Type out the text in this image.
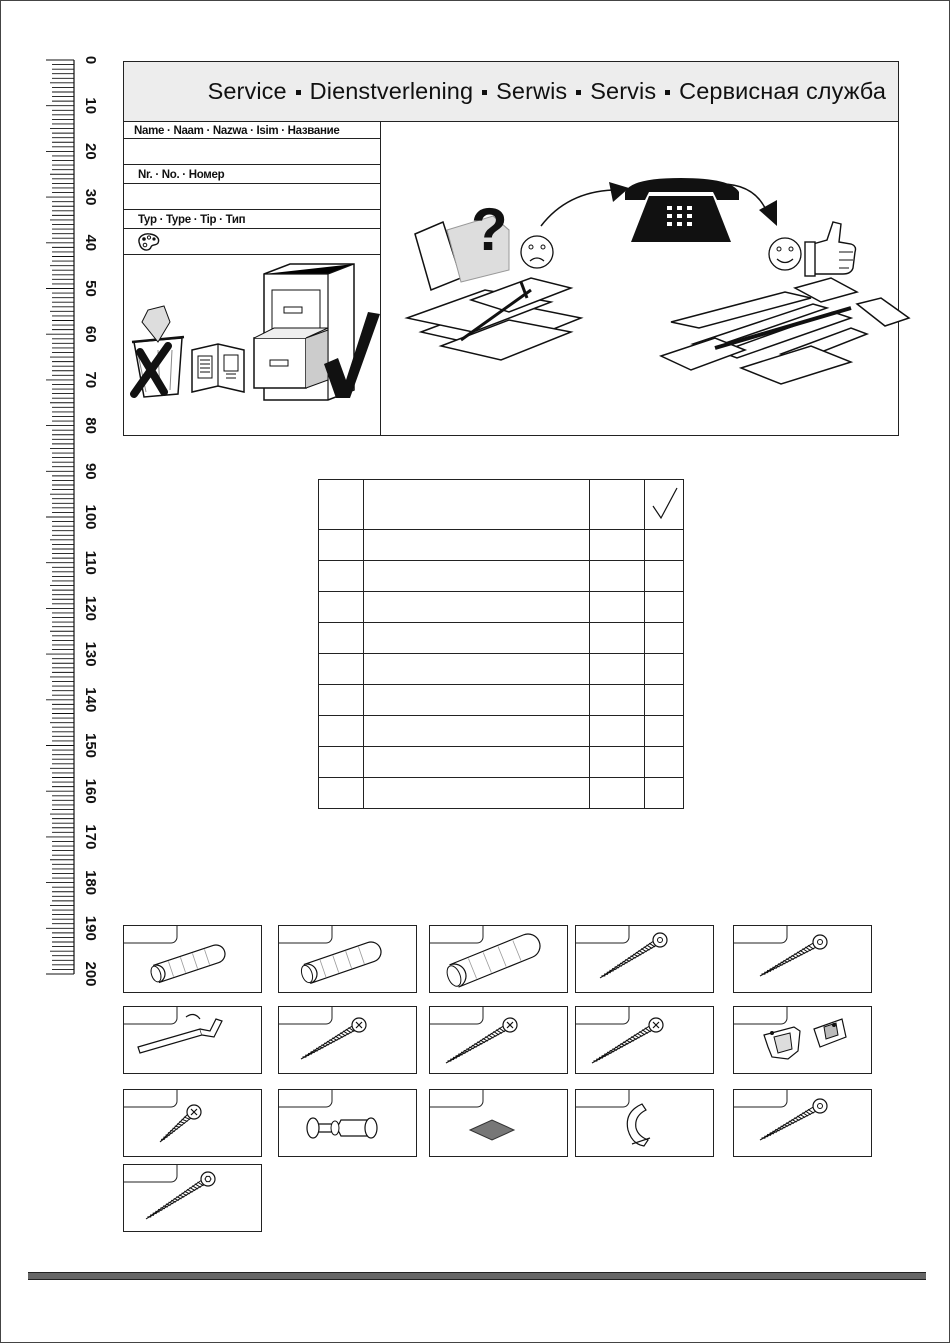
0
10
20
30
40
50
60
70
80
90
100
110
120
130
140
150
160
170
180
190
200
Service Dienstverlening Serwis Servis Сервисная служба
Name · Naam · Nazwa · Isim · Название
Nr. · No. · Номер
Typ · Type · Tip · Тип	?
